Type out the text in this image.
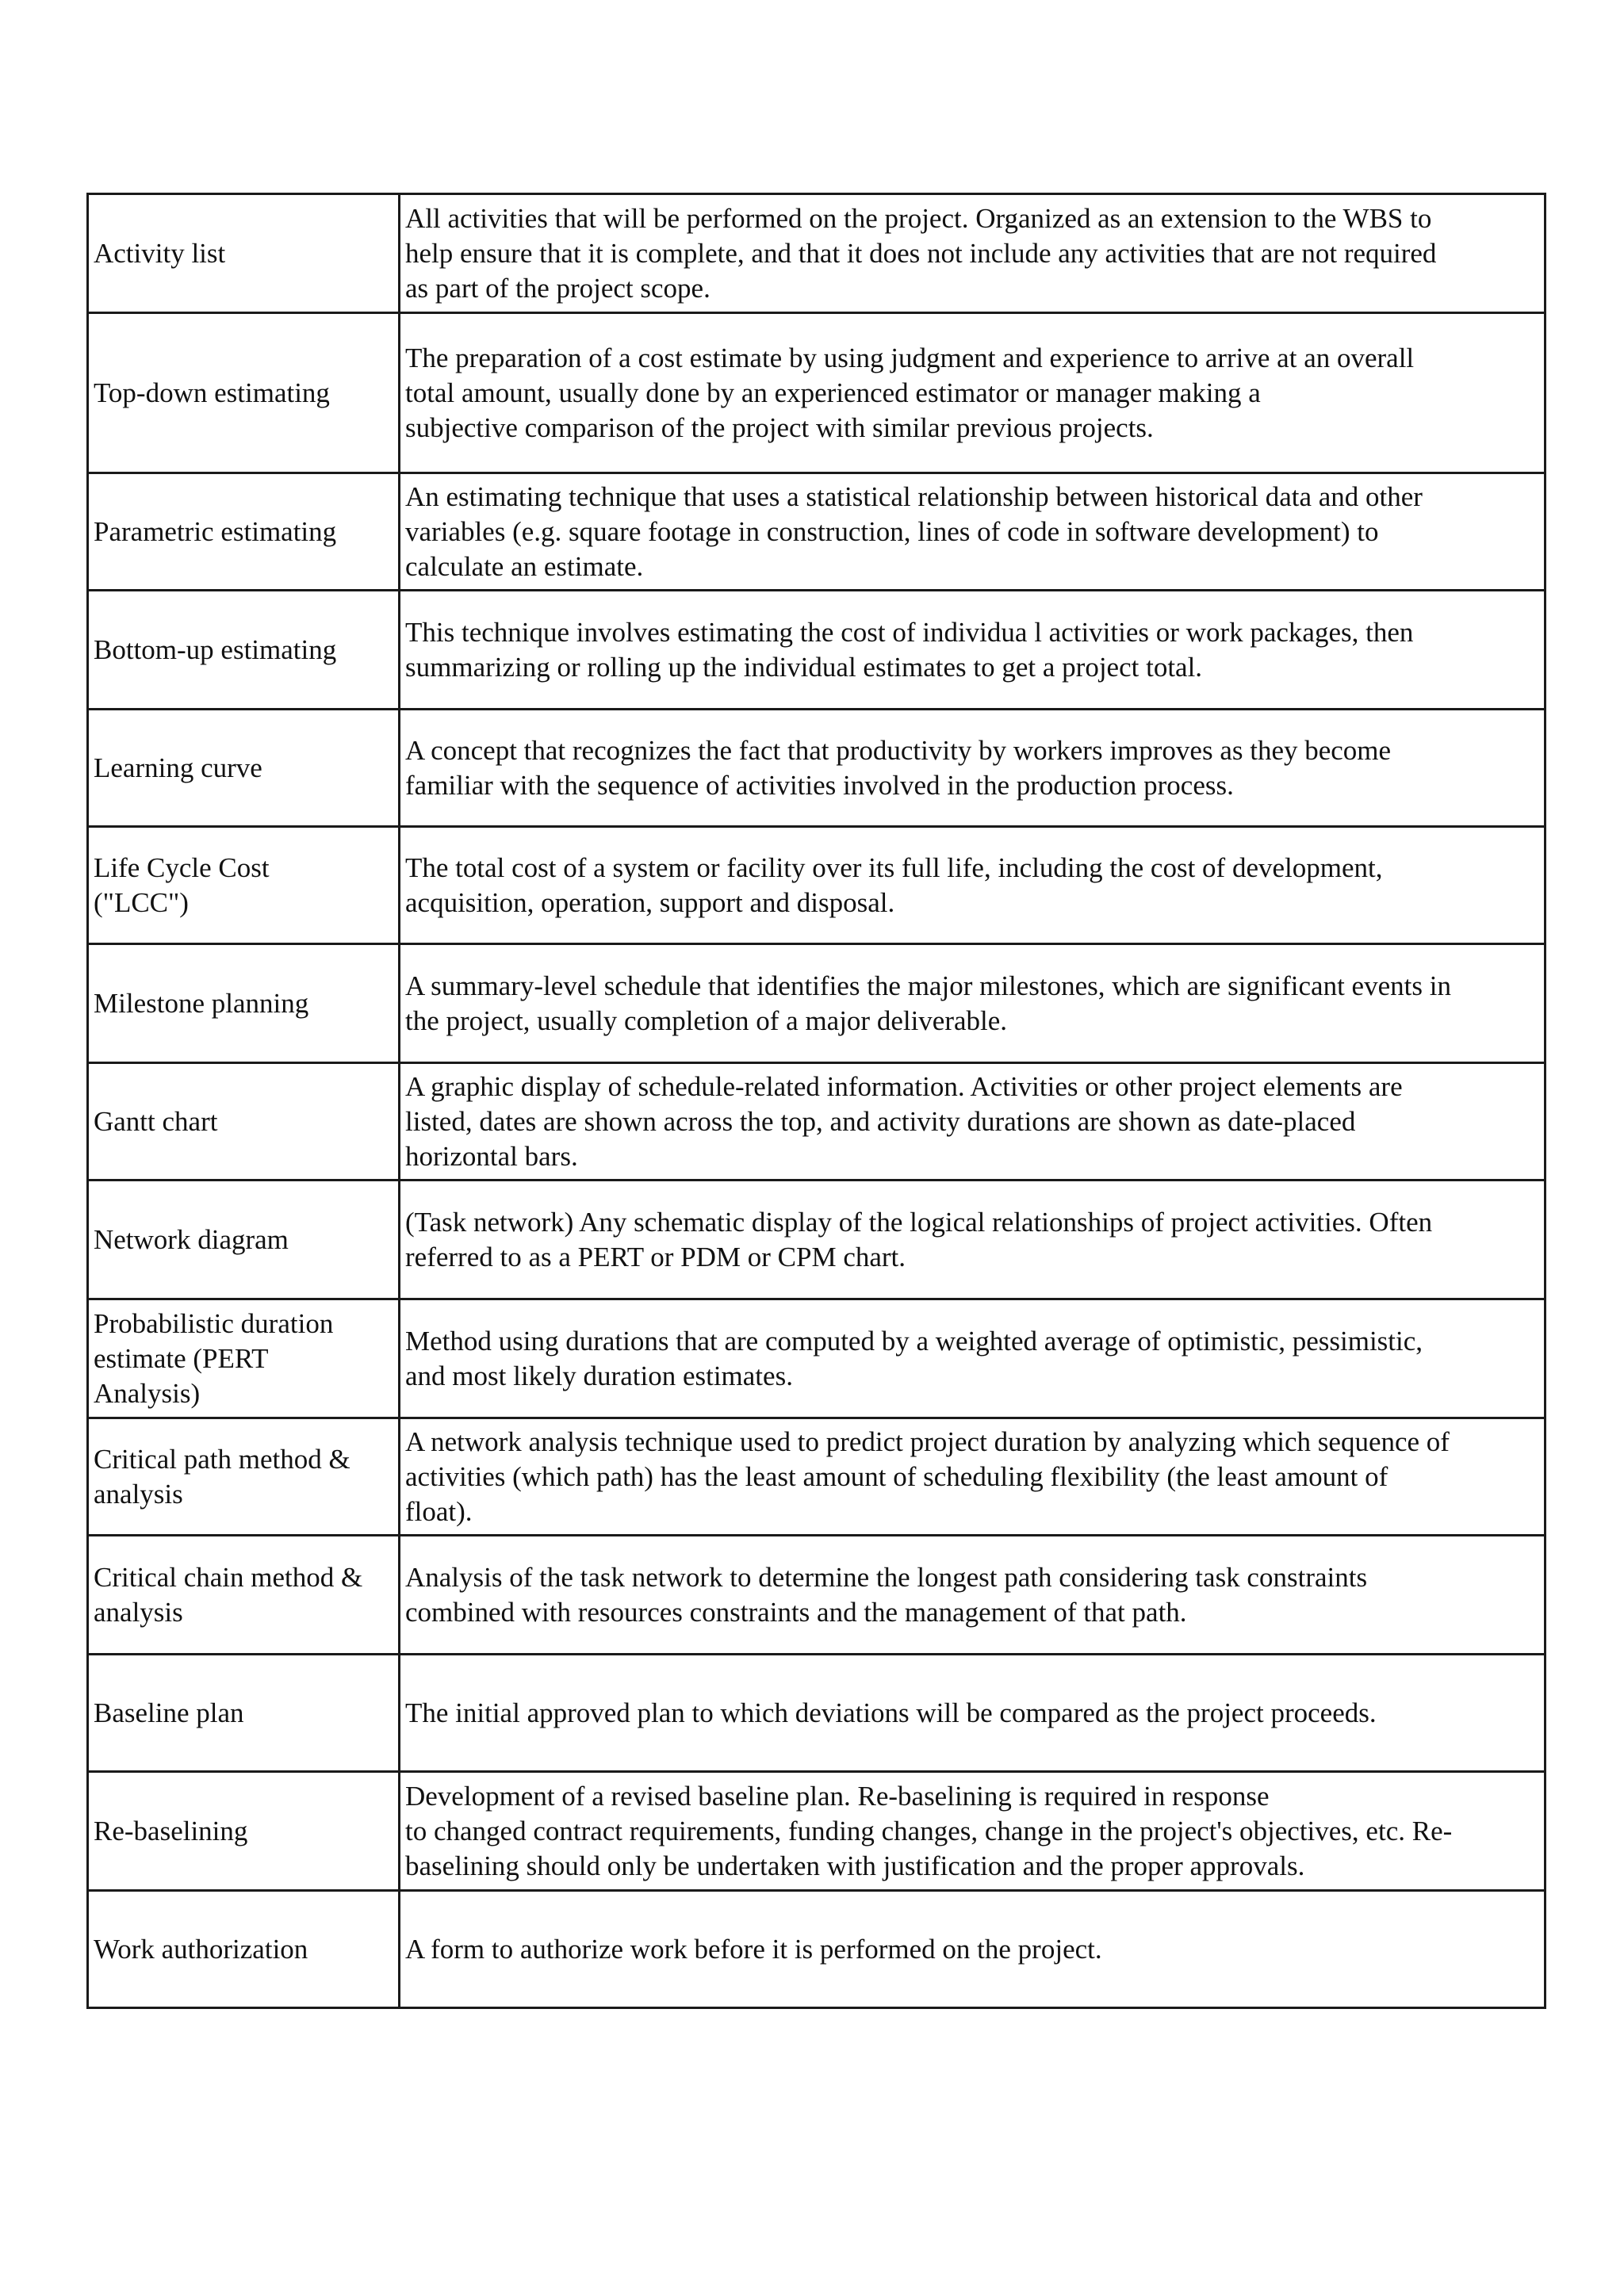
Activity list	All activities that will be performed on the project. Organized as an extension to the WBS to
help ensure that it is complete, and that it does not include any activities that are not required
as part of the project scope.

Top-down estimating	The preparation of a cost estimate by using judgment and experience to arrive at an overall
total amount, usually done by an experienced estimator or manager making a
subjective comparison of the project with similar previous projects.

Parametric estimating	An estimating technique that uses a statistical relationship between historical data and other
variables (e.g. square footage in construction, lines of code in software development) to
calculate an estimate.

Bottom-up estimating	This technique involves estimating the cost of individua l activities or work packages, then
summarizing or rolling up the individual estimates to get a project total.

Learning curve	A concept that recognizes the fact that productivity by workers improves as they become
familiar with the sequence of activities involved in the production process.

Life Cycle Cost
("LCC")	The total cost of a system or facility over its full life, including the cost of development,
acquisition, operation, support and disposal.

Milestone planning	A summary-level schedule that identifies the major milestones, which are significant events in
the project, usually completion of a major deliverable.

Gantt chart	A graphic display of schedule-related information. Activities or other project elements are
listed, dates are shown across the top, and activity durations are shown as date-placed
horizontal bars.

Network diagram	(Task network) Any schematic display of the logical relationships of project activities. Often
referred to as a PERT or PDM or CPM chart.

Probabilistic duration
estimate (PERT
Analysis)	Method using durations that are computed by a weighted average of optimistic, pessimistic,
and most likely duration estimates.

Critical path method &
analysis	A network analysis technique used to predict project duration by analyzing which sequence of
activities (which path) has the least amount of scheduling flexibility (the least amount of
float).

Critical chain method &
analysis	Analysis of the task network to determine the longest path considering task constraints
combined with resources constraints and the management of that path.

Baseline plan	The initial approved plan to which deviations will be compared as the project proceeds.

Re-baselining	Development of a revised baseline plan. Re-baselining is required in response
to changed contract requirements, funding changes, change in the project's objectives, etc. Re-
baselining should only be undertaken with justification and the proper approvals.

Work authorization	A form to authorize work before it is performed on the project.
